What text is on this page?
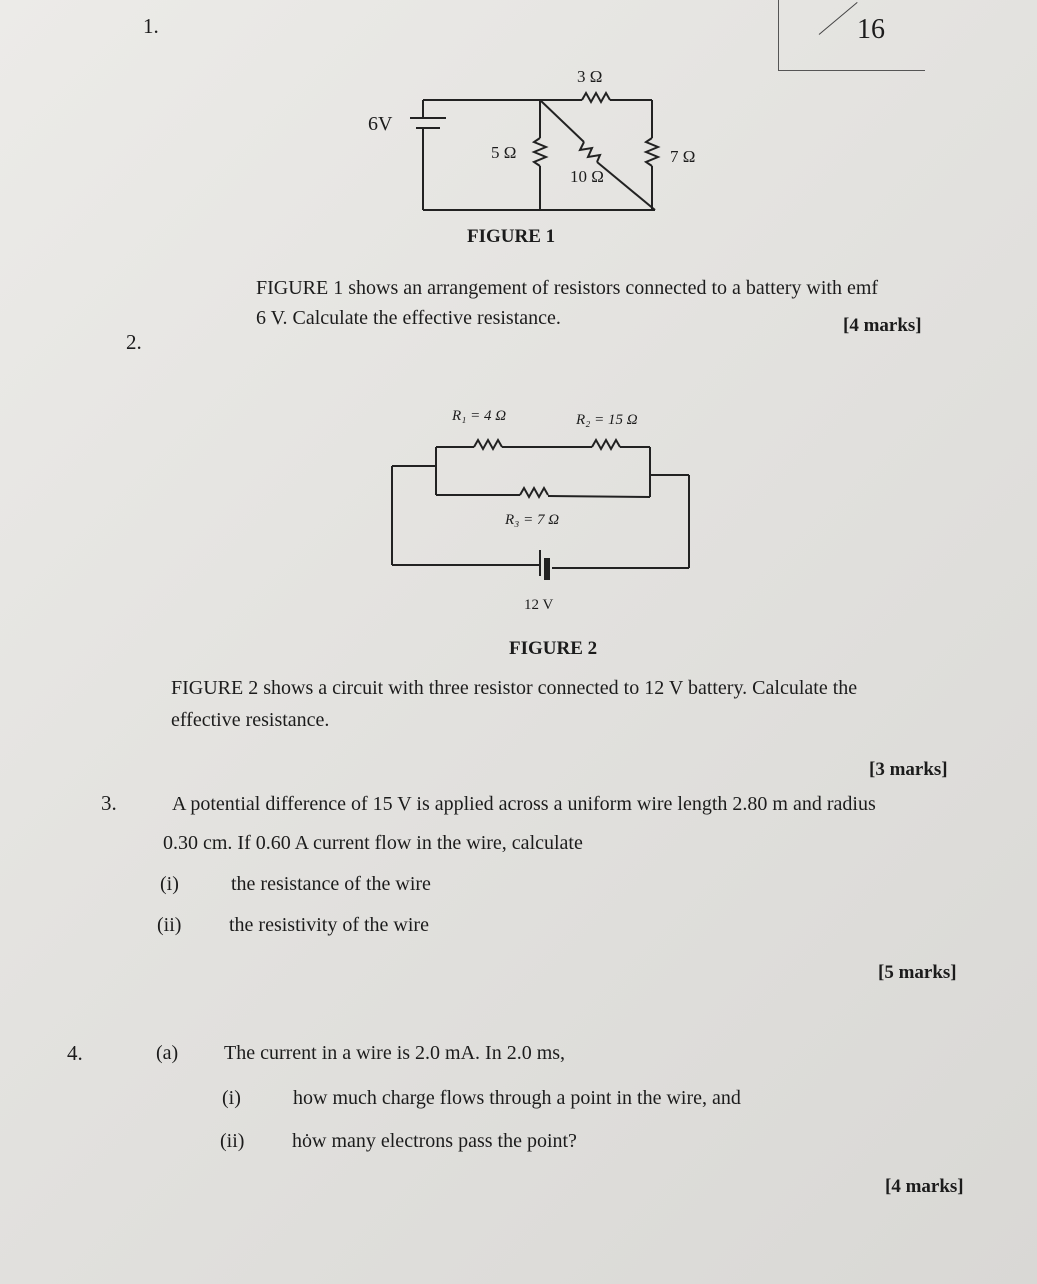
16
1.
3 Ω
6V
5 Ω
10 Ω
7 Ω
FIGURE 1
FIGURE 1 shows an arrangement of resistors connected to a battery with emf
6 V. Calculate the effective resistance.	[4 marks]
2.
R₁ = 4 Ω	R₂ = 15 Ω
R₃ = 7 Ω
12 V
FIGURE 2
FIGURE 2 shows a circuit with three resistor connected to 12 V battery. Calculate the
effective resistance.
[3 marks]
3.	A potential difference of 15 V is applied across a uniform wire length 2.80 m and radius
0.30 cm. If 0.60 A current flow in the wire, calculate
(i)	the resistance of the wire
(ii) the resistivity of the wire
[5 marks]
4.	(a) The current in a wire is 2.0 mA. In 2.0 ms,
(i)	how much charge flows through a point in the wire, and
(ii) hȯw many electrons pass the point?
[4 marks]
